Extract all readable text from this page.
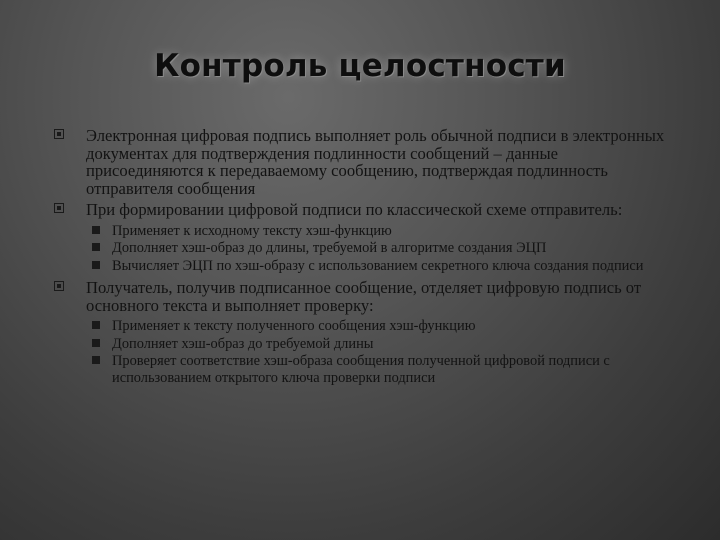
Контроль целостности
Электронная цифровая подпись выполняет роль обычной подписи в электронных документах для подтверждения подлинности сообщений – данные присоединяются к передаваемому сообщению, подтверждая подлинность отправителя сообщения
При формировании цифровой подписи по классической схеме отправитель:
Применяет к исходному тексту хэш-функцию
Дополняет хэш-образ до длины, требуемой в алгоритме создания ЭЦП
Вычисляет ЭЦП по хэш-образу с использованием секретного ключа создания подписи
Получатель, получив подписанное сообщение, отделяет цифровую подпись от основного текста и выполняет проверку:
Применяет к тексту полученного сообщения хэш-функцию
Дополняет хэш-образ до требуемой длины
Проверяет соответствие хэш-образа сообщения полученной цифровой подписи с использованием открытого ключа проверки подписи
